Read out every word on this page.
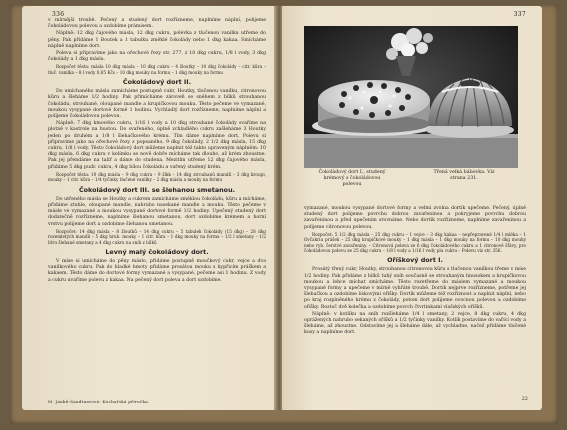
336

v mírnějši troubě. Pečený a studený dort rozřízneme, naplníme náplní, polijeme čokoládovou polevou a ozdobíme prámisem.

Náplně: 12 dkg čajového másla, 12 dkg cukru, polévka z tlučenou vanilku utřeme do pěny. Pak přidáme 1 Boutek a 1 tabulku změklé čokolády nebo 1 dkg kakaa. Smícháme náplně naplníme dort.

Poleva si připravíme jako na ořechové řezy str. 277, z 10 dkg cukru, 1/8 l vody, 3 dkg čokolády a 1 dkg másla.

Rozpočet těsta: másla 10 dkg másla – 10 dkg cukru – 4 žloutky – 10 dkg čokolády – citr. kůra – tluč. vanilka – 8 l vody 0,65 Kčs – 10 dkg mouky na formu – 1 dkg mouky na formu

Čokoládový dort II.

Do umíchaného másla zamícháme postupně cukr, Houtky, tlučenou vanilku, citronovou kůru a šleháme 1/2 hodiny. Pak přimícháme zároveň se sněhem z bílků strouhanou čokoládu, strouhané, oloupané mandle a krupičkovou mouku. Těsto pečeme ve vymazané, moukou vysypané dortové formě 1 hodinu. Vychladlý dort rozřízneme, naplníme náplní a polijeme čokoládovou polevou.

Náplně: 7 dkg kmového cukru, 1/16 l vody a 10 dkg strouhané čokolády svaříme na plotně v kastrole na hustou. Do svařeného, úplně zchladlého cukru zašleháme 3 Houtky jeden po druhém a 1/8 l šlehačkového krému. Tím dáme naplníme dort. Polevu si připravíme jako na ořechové řezy z popsaného, 9 dkg čokolády, 2 1/2 dkg másla, 15 dkg cukru, 1/8 l vody. Těsto čokoládový dort můžeme naplnit též takto upraveným náplněm: 10 dkg másla, 6 dkg cukru v kelímku se nově dobře mícháme tak dlouho, až krém zhoustne. Pak jej přendáme na talíř a dáme do studena. Mezitím utřeme 12 dkg čajového másla, přidáme 5 dkg pudr. cukru, 4 dkg bílou čokoládu a vařený studený krém.

Rozpočet těsta: 10 dkg másla – 9 dkg cukru – 9 žlkk – 14 dkg strouhanů mandlí – 3 dkg kroupi, mouky – 1 citr. kůra – 1/4 tyčinky tlučené vanilky – 2 dkg másla a mouky na formu

Čokoládový dort III. se šlehanou smetanou.

Do utřeného másla se Houtky a cukrem zamícháme změklou čokoládu, kůru a mícháme, přidáme ztuhle, oloupané mandle, nahrubo nasekané mandle a mouku. Těsto pečeme v másle ve vymazané a moukou vysypané dortové formě 1/2 hodiny. Upečený studený dort dodatečně rozřízneme, naplníme šlehanou smetanou, dort ozdobíme krémem a horní vrstvu polijeme dort a ozdobíme šlehanou smetanou.

Rozpočet: 14 dkg másla – 8 žloutků – 14 dkg cukru – 5 tabulek čokolády (15 dkg) – 28 dkg rozemletých mandlí – 5 dkg hrub. mouky – 1 citr. kůra – 1 dkg mouky na formu – 1/2 l smetany – 1/2 litru šlehané smetany a 4 dkg cukru na sníh z bílků

Levný malý čokoládový dort.

V míse si umícháme do pěny máslo, přidáme postupně moučkový cukr, vejce a dva vanilkového cukru. Pak do hladké hmoty přidáme prosátou mouku s kypřicím práškem a kakaem. Těsto dáme do dortové formy vymazané a vysypané, pečeme asi 1 hodinu. Z vody a cukru uvaříme polevu z kakaa. Na pečený dort poleva a dort ozdobíme.

M. Janků-Sandtnerová: Kuchařská příručka.
337
Čokoládový dort I., studený krémový s čokoládovou polevou
Třená velká bábovka. Viz strana 231.

vymazané, moukou vysypané dortové formy a velmi zvolna dortík upečeme. Pečený, úplně studený dort polijeme povrchu dobrou zavařeninou a pokryjeme povrchu dobrou zavařeninou a před upečením srovnáme. Nebo dortík rozřízneme, naplníme zavařeninou a polijeme citronovou polevou.

Rozpočet: 5 1/2 dkg másla – 25 dkg cukru – 1 vejce – 3 dkg kakaa – nepřepravené 1/4 l mléka – 1 Ovčakriu prášek – 25 dkg krupičkové mouky – 1 dkg másla – 1 dkg mouky na formu – 10 dkg mouky nebo ryb. čerstvé zavařeniny. – Citronová poleva ze 6 dkg čokoládového cukru a 1 citronové šťávy, pro čokoládovou polevu ze 25 dkg cukru – 1/8 l vody a 1/16 l vody plu cukru – Polevu viz str. 356.

Oříškový dort I.

Prosátý třený cukr, Houtky, strouhanou citronovou kůru s tlučenou vanilkou třeme v míse 1/2 hodiny. Pak přidáme z bílků tuhý sníh současně se strouhaným hnusokem a krupičkovou moukou a lehce míchat smícháme. Těsto rozetřeme do máslem vymazané a moukou vysypané formy a upečeme v mírně vyhřáté troubě. Dortík nejprve rozřízneme, potřeme jej šlehačkou a ozdobíme lískovými oříšky. Dortík můžeme též rozříznout a naplnit náplní, nebo po kraj rozplněného krému z čokolády, potom dort polijeme ovocnou polevou a ozdobíme oříšky. Roztoč dvě kolečka a ozdobíme povrch čtvrtinkami vlašských oříšků.

Náplně: v kotlíku na sníh rozšleháme 1/4 l smetany, 2 vejce, 8 dkg cukru, 4 dkg oprážených nahrubo sekaných oříšků a 1/2 tyčinky vanilky. Kotlík postavíme do vařící vody a šleháme, až zhoustne. Odstavíme jej a šleháme dále, až vychladne, načež přidáme tlučené kusy a naplníme dort.

22
